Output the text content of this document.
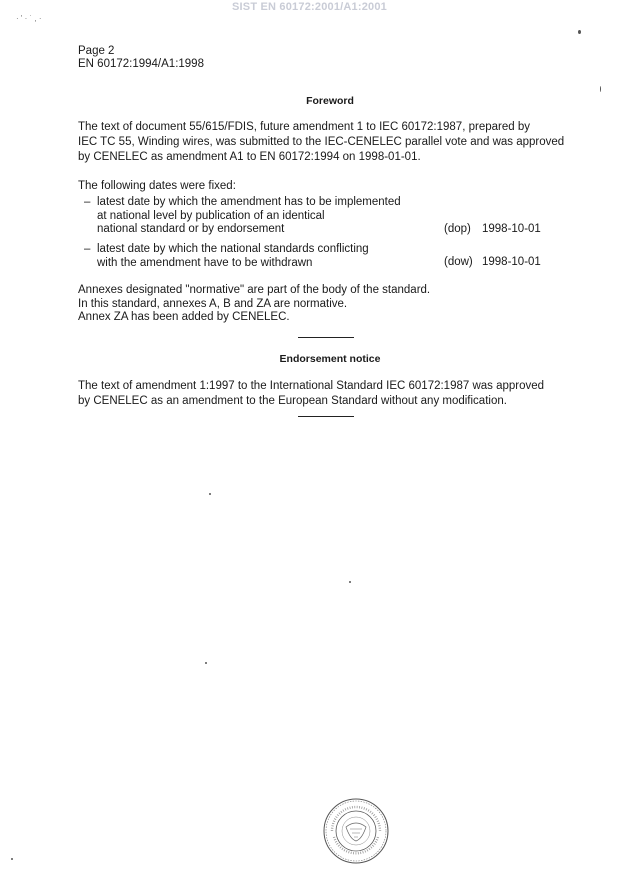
SIST EN 60172:2001/A1:2001
· ' · ˙ , ·
Page 2
EN 60172:1994/A1:1998
Foreword
The text of document 55/615/FDIS, future amendment 1 to IEC 60172:1987, prepared by
IEC TC 55, Winding wires, was submitted to the IEC-CENELEC parallel vote and was approved
by CENELEC as amendment A1 to EN 60172:1994 on 1998-01-01.
The following dates were fixed:
– latest date by which the amendment has to be implemented
at national level by publication of an identical
national standard or by endorsement	(dop) 1998-10-01
– latest date by which the national standards conflicting
with the amendment have to be withdrawn	(dow) 1998-10-01
Annexes designated "normative" are part of the body of the standard.
In this standard, annexes A, B and ZA are normative.
Annex ZA has been added by CENELEC.
Endorsement notice
The text of amendment 1:1997 to the International Standard IEC 60172:1987 was approved
by CENELEC as an amendment to the European Standard without any modification.
